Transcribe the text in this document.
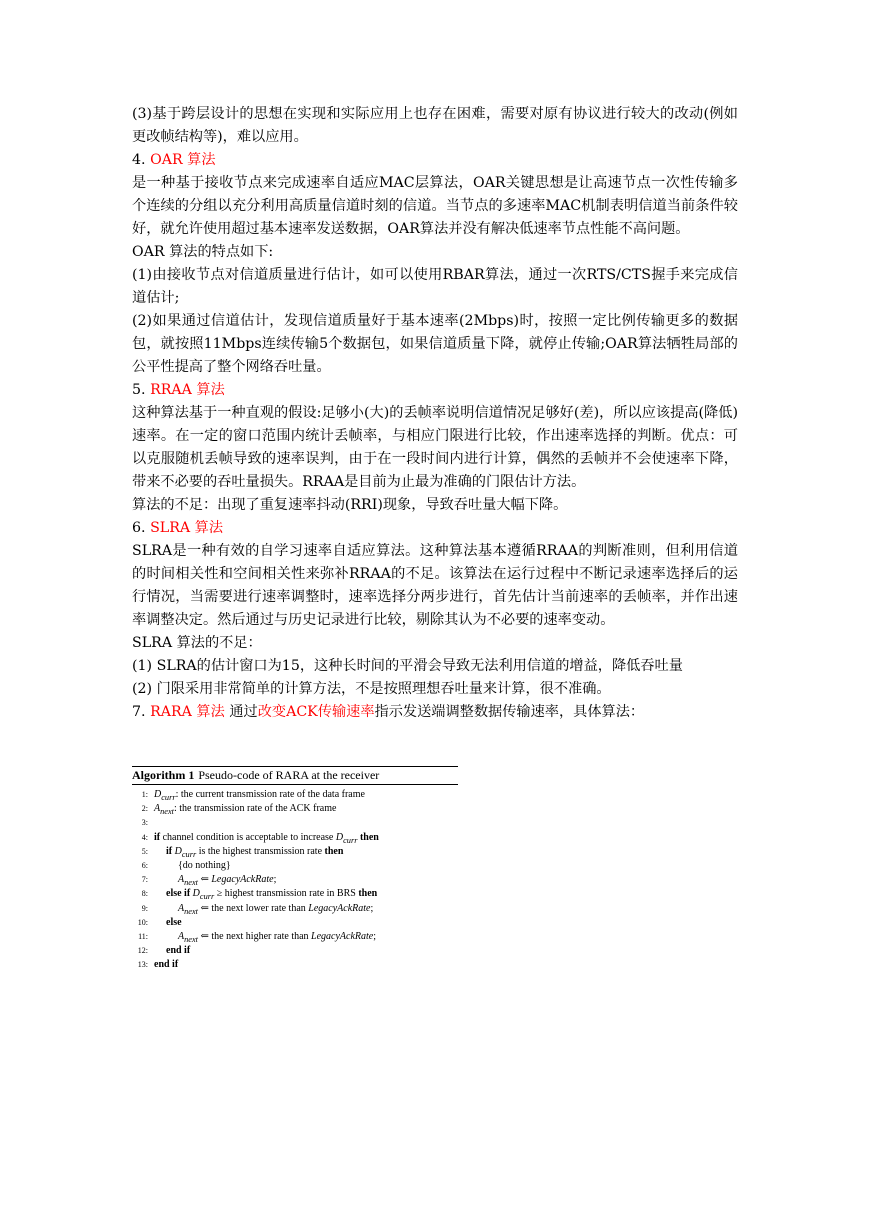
(3)基于跨层设计的思想在实现和实际应用上也存在困难，需要对原有协议进行较大的改动(例如更改帧结构等)，难以应用。

4. OAR 算法

是一种基于接收节点来完成速率自适应MAC层算法，OAR关键思想是让高速节点一次性传输多个连续的分组以充分利用高质量信道时刻的信道。当节点的多速率MAC机制表明信道当前条件较好，就允许使用超过基本速率发送数据，OAR算法并没有解决低速率节点性能不高问题。

OAR 算法的特点如下:

(1)由接收节点对信道质量进行估计，如可以使用RBAR算法，通过一次RTS/CTS握手来完成信道估计;

(2)如果通过信道估计，发现信道质量好于基本速率(2Mbps)时，按照一定比例传输更多的数据包，就按照11Mbps连续传输5个数据包，如果信道质量下降，就停止传输;OAR算法牺牲局部的公平性提高了整个网络吞吐量。

5. RRAA 算法

这种算法基于一种直观的假设:足够小(大)的丢帧率说明信道情况足够好(差)，所以应该提高(降低)速率。在一定的窗口范围内统计丢帧率，与相应门限进行比较，作出速率选择的判断。优点：可以克服随机丢帧导致的速率误判，由于在一段时间内进行计算，偶然的丢帧并不会使速率下降，带来不必要的吞吐量损失。RRAA是目前为止最为准确的门限估计方法。

算法的不足：出现了重复速率抖动(RRI)现象，导致吞吐量大幅下降。

6. SLRA 算法

SLRA是一种有效的自学习速率自适应算法。这种算法基本遵循RRAA的判断准则，但利用信道的时间相关性和空间相关性来弥补RRAA的不足。该算法在运行过程中不断记录速率选择后的运行情况，当需要进行速率调整时，速率选择分两步进行，首先估计当前速率的丢帧率，并作出速率调整决定。然后通过与历史记录进行比较，剔除其认为不必要的速率变动。

SLRA 算法的不足：

(1) SLRA的估计窗口为15，这种长时间的平滑会导致无法利用信道的增益，降低吞吐量

(2) 门限采用非常简单的计算方法，不是按照理想吞吐量来计算，很不准确。

7. RARA 算法 通过改变ACK传输速率指示发送端调整数据传输速率，具体算法：

Algorithm 1 Pseudo-code of RARA at the receiver
1: $D_{curr}$: the current transmission rate of the data frame
2: $A_{next}$: the transmission rate of the ACK frame
3:
4: if channel condition is acceptable to increase $D_{curr}$ then
5: if $D_{curr}$ is the highest transmission rate then
6:	{do nothing}
7:	$A_{next}$ ⇐ LegacyAckRate;
8: else if $D_{curr}$ ≥ highest transmission rate in BRS then
9:	$A_{next}$ ⇐ the next lower rate than LegacyAckRate;
10: else
11:	$A_{next}$ ⇐ the next higher rate than LegacyAckRate;
12: end if
13: end if
